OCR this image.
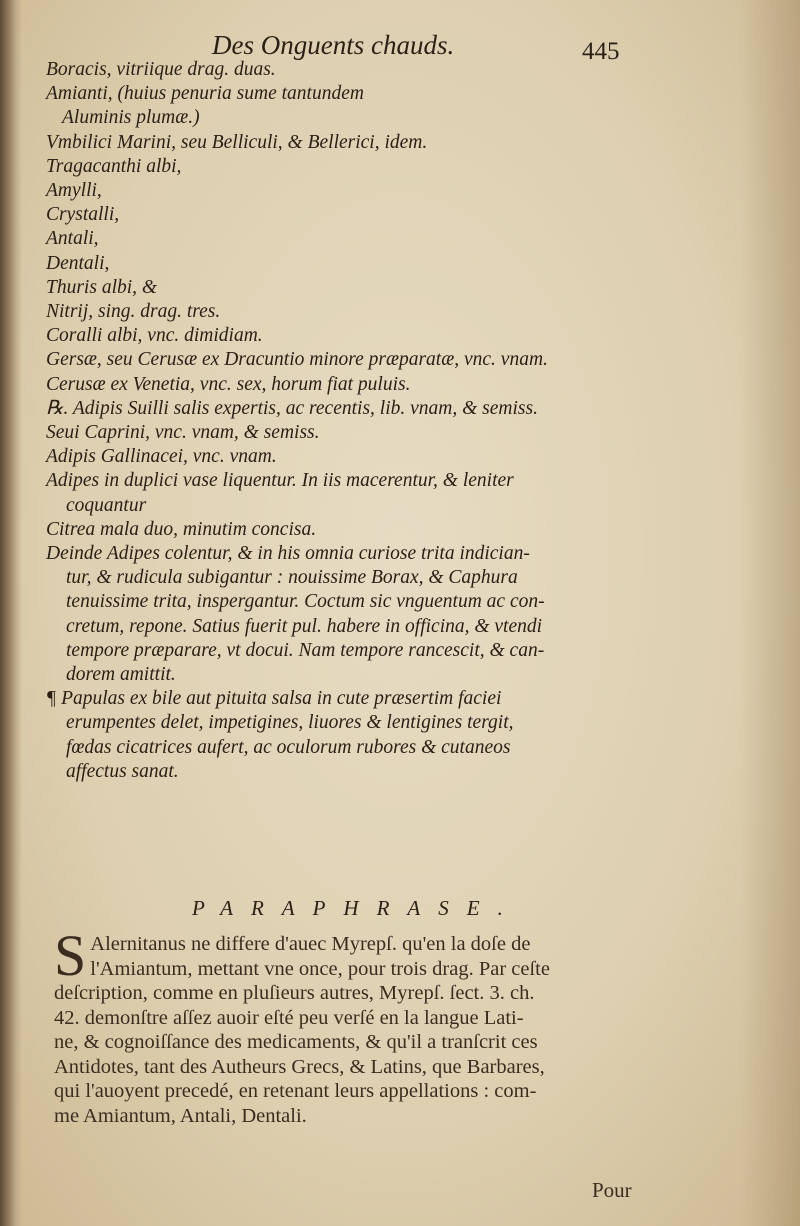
Des Onguents chauds.	445
Boracis, vitriique drag. duas.
Amianti, (huius penuria sume tantundem
Aluminis plumæ.)
Vmbilici Marini, seu Belliculi, & Bellerici, idem.
Tragacanthi albi,
Amylli,
Crystalli,
Antali,
Dentali,
Thuris albi, &
Nitrij, sing. drag. tres.
Coralli albi, vnc. dimidiam.
Gersæ, seu Cerusæ ex Dracuntio minore præparatæ, vnc. vnam.
Cerusæ ex Venetia, vnc. sex, horum fiat puluis.
℞. Adipis Suilli salis expertis, ac recentis, lib. vnam, & semiss.
Seui Caprini, vnc. vnam, & semiss.
Adipis Gallinacei, vnc. vnam.
Adipes in duplici vase liquentur. In iis macerentur, & leniter
coquantur
Citrea mala duo, minutim concisa.
Deinde Adipes colentur, & in his omnia curiose trita indician-
tur, & rudicula subigantur : nouissime Borax, & Caphura
tenuissime trita, inspergantur. Coctum sic vnguentum ac con-
cretum, repone. Satius fuerit pul. habere in officina, & vtendi
tempore præparare, vt docui. Nam tempore rancescit, & can-
dorem amittit.
¶ Papulas ex bile aut pituita salsa in cute præsertim faciei
erumpentes delet, impetigines, liuores & lentigines tergit,
fœdas cicatrices aufert, ac oculorum rubores & cutaneos
affectus sanat.
PARAPHRASE.
S Alernitanus ne differe d'auec Myrepſ. qu'en la doſe de
l'Amiantum, mettant vne once, pour trois drag. Par ceſte
deſcription, comme en pluſieurs autres, Myrepſ. ſect. 3. ch.
42. demonſtre aſſez auoir eſté peu verſé en la langue Lati-
ne, & cognoiſſance des medicaments, & qu'il a tranſcrit ces
Antidotes, tant des Autheurs Grecs, & Latins, que Barbares,
qui l'auoyent precedé, en retenant leurs appellations : com-
me Amiantum, Antali, Dentali.
Pour
